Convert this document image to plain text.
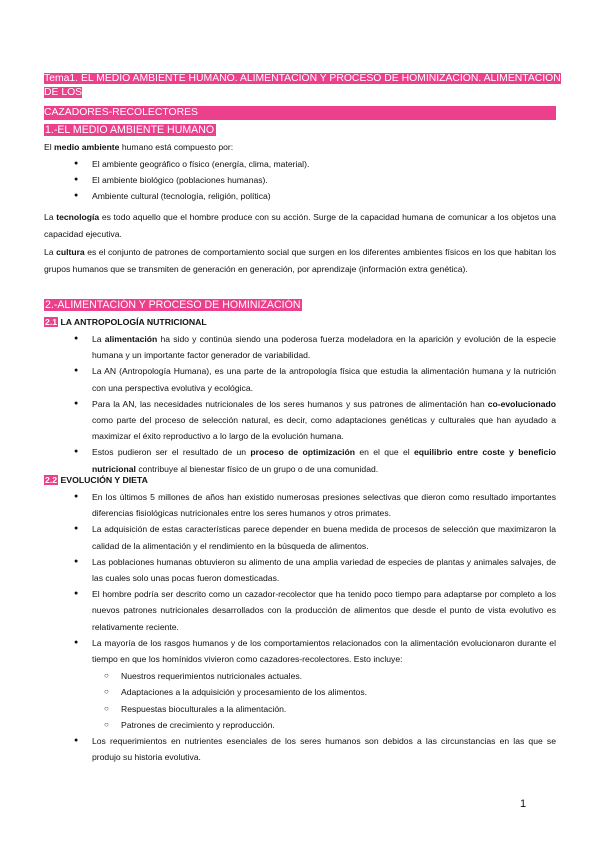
Tema1. EL MEDIO AMBIENTE HUMANO. ALIMENTACIÓN Y PROCESO DE HOMINIZACIÓN. ALIMENTACIÓN
DE LOS
CAZADORES-RECOLECTORES
1.-EL MEDIO AMBIENTE HUMANO
El medio ambiente humano está compuesto por:
● El ambiente geográfico o físico (energía, clima, material).
● El ambiente biológico (poblaciones humanas).
● Ambiente cultural (tecnología, religión, política)
La tecnología es todo aquello que el hombre produce con su acción. Surge de la capacidad humana de comunicar a los objetos una capacidad ejecutiva.
La cultura es el conjunto de patrones de comportamiento social que surgen en los diferentes ambientes físicos en los que habitan los grupos humanos que se transmiten de generación en generación, por aprendizaje (información extra genética).
2.-ALIMENTACIÓN Y PROCESO DE HOMINIZACIÓN
2.1 LA ANTROPOLOGÍA NUTRICIONAL
● La alimentación ha sido y continúa siendo una poderosa fuerza modeladora en la aparición y evolución de la especie humana y un importante factor generador de variabilidad.
● La AN (Antropología Humana), es una parte de la antropología física que estudia la alimentación humana y la nutrición con una perspectiva evolutiva y ecológica.
● Para la AN, las necesidades nutricionales de los seres humanos y sus patrones de alimentación han co-evolucionado como parte del proceso de selección natural, es decir, como adaptaciones genéticas y culturales que han ayudado a maximizar el éxito reproductivo a lo largo de la evolución humana.
● Estos pudieron ser el resultado de un proceso de optimización en el que el equilibrio entre coste y beneficio nutricional contribuye al bienestar físico de un grupo o de una comunidad.
2.2 EVOLUCIÓN Y DIETA
● En los últimos 5 millones de años han existido numerosas presiones selectivas que dieron como resultado importantes diferencias fisiológicas nutricionales entre los seres humanos y otros primates.
● La adquisición de estas características parece depender en buena medida de procesos de selección que maximizaron la calidad de la alimentación y el rendimiento en la búsqueda de alimentos.
● Las poblaciones humanas obtuvieron su alimento de una amplia variedad de especies de plantas y animales salvajes, de las cuales solo unas pocas fueron domesticadas.
● El hombre podría ser descrito como un cazador-recolector que ha tenido poco tiempo para adaptarse por completo a los nuevos patrones nutricionales desarrollados con la producción de alimentos que desde el punto de vista evolutivo es relativamente reciente.
● La mayoría de los rasgos humanos y de los comportamientos relacionados con la alimentación evolucionaron durante el tiempo en que los homínidos vivieron como cazadores-recolectores. Esto incluye:
○ Nuestros requerimientos nutricionales actuales.
○ Adaptaciones a la adquisición y procesamiento de los alimentos.
○ Respuestas bioculturales a la alimentación.
○ Patrones de crecimiento y reproducción.
● Los requerimientos en nutrientes esenciales de los seres humanos son debidos a las circunstancias en las que se produjo su historia evolutiva.
1
